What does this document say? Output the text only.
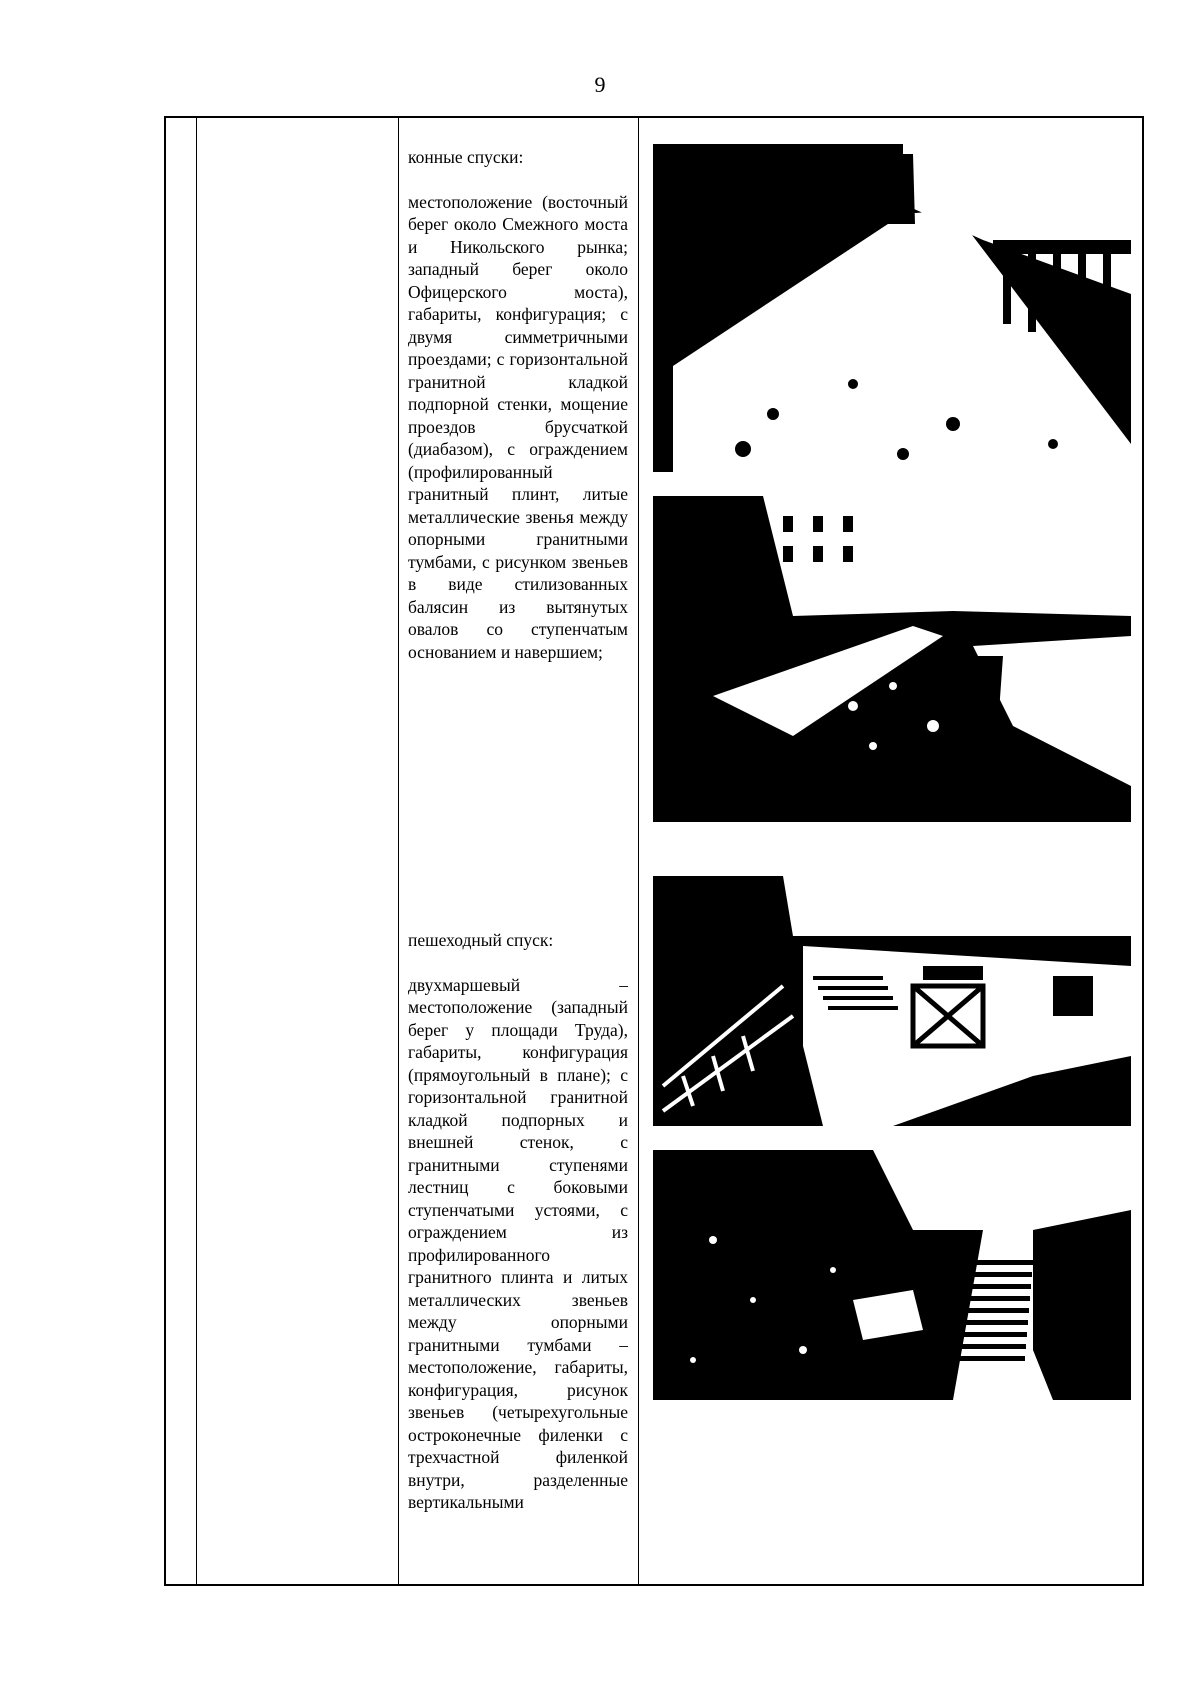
9

конные спуски:

местоположение (восточный берег около Смежного моста и Никольского рынка; западный берег около Офицерского моста), габариты, конфигурация; с двумя симметричными проездами; с горизонтальной гранитной кладкой подпорной стенки, мощение проездов брусчаткой (диабазом), с ограждением (профилированный гранитный плинт, литые металлические звенья между опорными гранитными тумбами, с рисунком звеньев в виде стилизованных балясин из вытянутых овалов со ступенчатым основанием и навершием;

пешеходный спуск:

двухмаршевый – местоположение (западный берег у площади Труда), габариты, конфигурация (прямоугольный в плане); с горизонтальной гранитной кладкой подпорных и внешней стенок, с гранитными ступенями лестниц с боковыми ступенчатыми устоями, с ограждением из профилированного гранитного плинта и литых металлических звеньев между опорными гранитными тумбами – местоположение, габариты, конфигурация, рисунок звеньев (четырехугольные остроконечные филенки с трехчастной филенкой внутри, разделенные вертикальными
